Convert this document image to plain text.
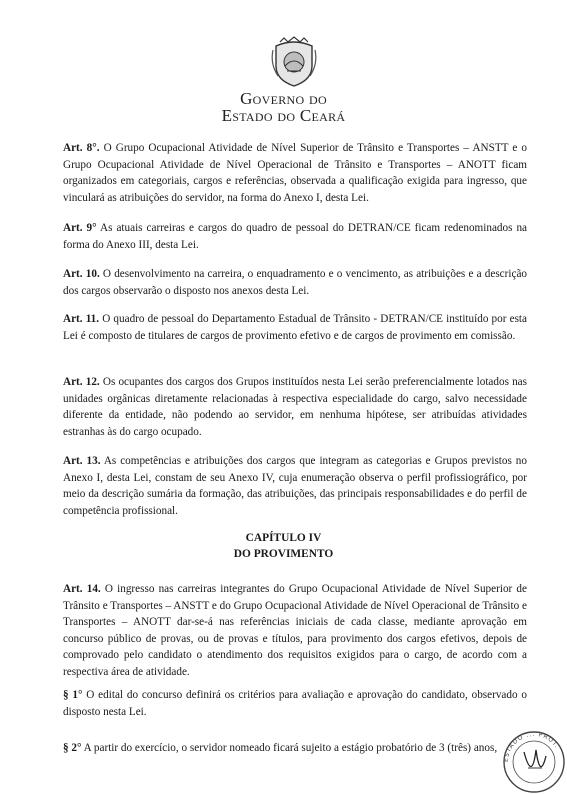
Governo do
Estado do Ceará
Art. 8°. O Grupo Ocupacional Atividade de Nível Superior de Trânsito e Transportes – ANSTT e o Grupo Ocupacional Atividade de Nível Operacional de Trânsito e Transportes – ANOTT ficam organizados em categoriais, cargos e referências, observada a qualificação exigida para ingresso, que vinculará as atribuições do servidor, na forma do Anexo I, desta Lei.
Art. 9° As atuais carreiras e cargos do quadro de pessoal do DETRAN/CE ficam redenominados na forma do Anexo III, desta Lei.
Art. 10. O desenvolvimento na carreira, o enquadramento e o vencimento, as atribuições e a descrição dos cargos observarão o disposto nos anexos desta Lei.
Art. 11. O quadro de pessoal do Departamento Estadual de Trânsito - DETRAN/CE instituído por esta Lei é composto de titulares de cargos de provimento efetivo e de cargos de provimento em comissão.
Art. 12. Os ocupantes dos cargos dos Grupos instituídos nesta Lei serão preferencialmente lotados nas unidades orgânicas diretamente relacionadas à respectiva especialidade do cargo, salvo necessidade diferente da entidade, não podendo ao servidor, em nenhuma hipótese, ser atribuídas atividades estranhas às do cargo ocupado.
Art. 13. As competências e atribuições dos cargos que integram as categorias e Grupos previstos no Anexo I, desta Lei, constam de seu Anexo IV, cuja enumeração observa o perfil profissiográfico, por meio da descrição sumária da formação, das atribuições, das principais responsabilidades e do perfil de competência profissional.
CAPÍTULO IV
DO PROVIMENTO
Art. 14. O ingresso nas carreiras integrantes do Grupo Ocupacional Atividade de Nível Superior de Trânsito e Transportes – ANSTT e do Grupo Ocupacional Atividade de Nível Operacional de Trânsito e Transportes – ANOTT dar-se-á nas referências iniciais de cada classe, mediante aprovação em concurso público de provas, ou de provas e títulos, para provimento dos cargos efetivos, depois de comprovado pelo candidato o atendimento dos requisitos exigidos para o cargo, de acordo com a respectiva área de atividade.
§ 1° O edital do concurso definirá os critérios para avaliação e aprovação do candidato, observado o disposto nesta Lei.
§ 2° A partir do exercício, o servidor nomeado ficará sujeito a estágio probatório de 3 (três) anos,
ESTADO ... PROT.
